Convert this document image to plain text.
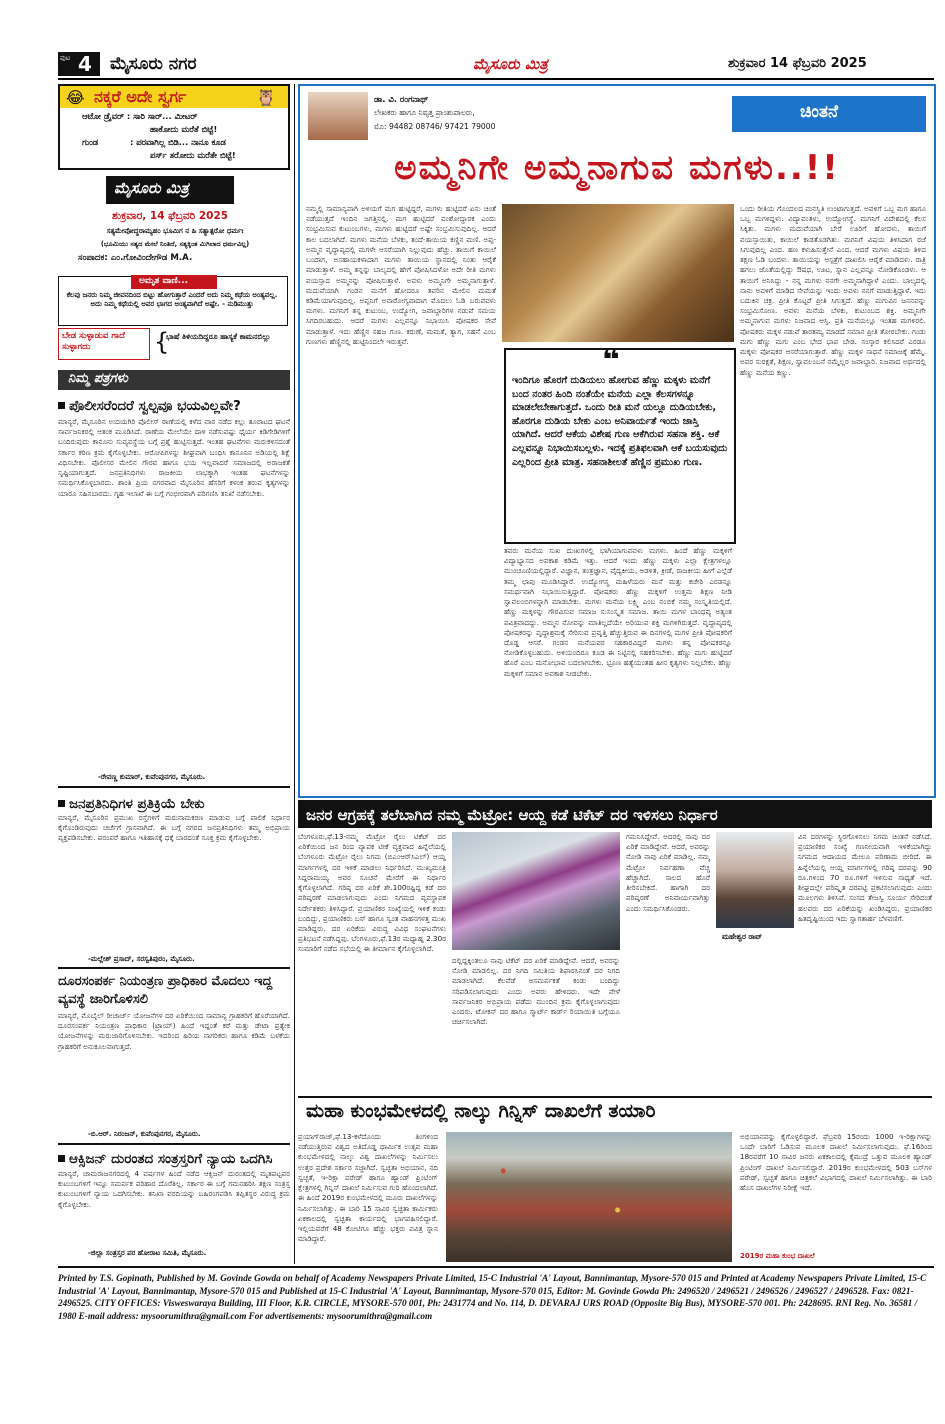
ಪುಟ 4 ಮೈಸೂರು ನಗರ	ಮೈಸೂರು ಮಿತ್ರ	ಶುಕ್ರವಾರ 14 ಫೆಬ್ರವರಿ 2025
😂 ನಕ್ಕರೆ ಅದೇ ಸ್ವರ್ಗ	🦉
ಆಟೋ ಡ್ರೈವರ್ : ಸಾರಿ ಸಾರ್... ಮೀಟರ್
ಹಾಕೋದು ಮರೆತೆ ಬಿಟ್ಟೆ!
ಗುಂಡ	: ಪರವಾಗಿಲ್ಲ ಬಿಡಿ... ನಾನೂ ಕೂಡ
ಪರ್ಸ್ ತರೋದು ಮರೆತೇ ಬಿಟ್ಟೆ!
ಮೈಸೂರು ಮಿತ್ರ
ಶುಕ್ರವಾರ, 14 ಫೆಬ್ರವರಿ 2025
ಸತ್ಯಮೇವೋದ್ಧರಾಮ್ಯಹಂ ಭೂಮಿಗ ನ ಹಿ ಸತ್ಯಾತ್ಪರೋ ಧರ್ಮಃ
(ಭೂಮಿಯು ಸತ್ಯದ ಮೇಲೆ ನಿಂತಿದೆ, ಸತ್ಯಕ್ಕಿಂತ ಮಿಗಿಲಾದ ಧರ್ಮವಿಲ್ಲ)
ಸಂಪಾದಕ: ಎಂ.ಗೋವಿಂದೇಗೌಡ M.A.
ಅಮೃತ ವಾಣಿ...
ಕೆಲವು ಜನರು ನಿಮ್ಮ ಜೀವನದಿಂದ ಬಿಟ್ಟು ಹೋಗುತ್ತಾರೆ ಎಂದರೆ ಅದು ನಿಮ್ಮ ಕಥೆಯ ಅಂತ್ಯವಲ್ಲ. ಅದು ನಿಮ್ಮ ಕಥೆಯಲ್ಲಿ ಅವರ ಭಾಗದ ಅಂತ್ಯವಾಗಿದೆ ಅಷ್ಟೇ. - ನುಡಿಮುತ್ತು
ಬೇಡ ಸುಳ್ಳಾಡುವ ಗಾದೆ ಸುಳ್ಳಾಗದು	{
ಭಾಷೆ ತಿಳಿಯದಿದ್ದರೂ ಹಾಸ್ಯಕೆ ಕಾಮನಬಿಲ್ಲು
ನಿಮ್ಮ ಪತ್ರಗಳು
ಪೊಲೀಸರೆಂದರೆ ಸ್ವಲ್ಪವೂ ಭಯವಿಲ್ಲವೇ?
ಮಾನ್ಯರೆ, ಮೈಸೂರಿನ ಉದಯಗಿರಿ ಪೊಲೀಸ್ ಠಾಣೆಯಲ್ಲಿ ಕಳೆದ ವಾರ ನಡೆದ ಕಲ್ಲು ತೂರಾಟದ ಘಟನೆ ಸಾರ್ವಜನಿಕರಲ್ಲಿ ಆತಂಕ ಮೂಡಿಸಿದೆ. ಠಾಣೆಯ ಮೇಲೆಯೇ ದಾಳಿ ನಡೆಸುವಷ್ಟು ಧೈರ್ಯ ಕಿಡಿಗೇಡಿಗಳಿಗೆ ಬಂದಿರುವುದು ಕಾನೂನು ಸುವ್ಯವಸ್ಥೆಯ ಬಗ್ಗೆ ಪ್ರಶ್ನೆ ಹುಟ್ಟಿಸುತ್ತದೆ. ಇಂತಹ ಘಟನೆಗಳು ಮರುಕಳಿಸದಂತೆ ಸರ್ಕಾರ ಕಠಿಣ ಕ್ರಮ ಕೈಗೊಳ್ಳಬೇಕು. ಆರೋಪಿಗಳನ್ನು ಶೀಘ್ರವಾಗಿ ಬಂಧಿಸಿ ಕಾನೂನಿನ ಅಡಿಯಲ್ಲಿ ಶಿಕ್ಷೆ ವಿಧಿಸಬೇಕು. ಪೊಲೀಸರ ಮೇಲಿನ ಗೌರವ ಹಾಗೂ ಭಯ ಇಲ್ಲವಾದರೆ ಸಮಾಜದಲ್ಲಿ ಅರಾಜಕತೆ ಸೃಷ್ಟಿಯಾಗುತ್ತದೆ. ಜನಪ್ರತಿನಿಧಿಗಳು ರಾಜಕೀಯ ಲಾಭಕ್ಕಾಗಿ ಇಂತಹ ಘಟನೆಗಳನ್ನು ಸಮರ್ಥಿಸಿಕೊಳ್ಳಬಾರದು. ಶಾಂತಿ ಪ್ರಿಯ ನಗರವಾದ ಮೈಸೂರಿನ ಹೆಸರಿಗೆ ಕಳಂಕ ತರುವ ಕೃತ್ಯಗಳನ್ನು ಯಾರೂ ಸಹಿಸಬಾರದು. ಗೃಹ ಇಲಾಖೆ ಈ ಬಗ್ಗೆ ಗಂಭೀರವಾಗಿ ಪರಿಗಣಿಸಿ ತನಿಖೆ ನಡೆಸಬೇಕು.
-ರೇವಣ್ಣ ಕುಮಾರ್, ಕುವೆಂಪುನಗರ, ಮೈಸೂರು.
ಜನಪ್ರತಿನಿಧಿಗಳ ಪ್ರತಿಕ್ರಿಯೆ ಬೇಕು
ಮಾನ್ಯರೆ, ಮೈಸೂರಿನ ಪ್ರಮುಖ ರಸ್ತೆಗಳಿಗೆ ಮರುನಾಮಕರಣ ಮಾಡುವ ಬಗ್ಗೆ ಪಾಲಿಕೆ ನಿರ್ಧಾರ ಕೈಗೊಂಡಿರುವುದು ಚರ್ಚೆಗೆ ಗ್ರಾಸವಾಗಿದೆ. ಈ ಬಗ್ಗೆ ನಗರದ ಜನಪ್ರತಿನಿಧಿಗಳು ತಮ್ಮ ಅಭಿಪ್ರಾಯ ವ್ಯಕ್ತಪಡಿಸಬೇಕು. ಪರಂಪರೆ ಹಾಗೂ ಇತಿಹಾಸಕ್ಕೆ ಧಕ್ಕೆ ಬಾರದಂತೆ ಸೂಕ್ತ ಕ್ರಮ ಕೈಗೊಳ್ಳಬೇಕು.
-ಮಲ್ಲೇಶ್ ಪ್ರಸಾದ್, ಸರಸ್ವತಿಪುರಂ, ಮೈಸೂರು.
ದೂರಸಂಪರ್ಕ ನಿಯಂತ್ರಣ ಪ್ರಾಧಿಕಾರ ಮೊದಲು ಇದ್ದ ವ್ಯವಸ್ಥೆ ಜಾರಿಗೊಳಿಸಲಿ
ಮಾನ್ಯರೆ, ಮೊಬೈಲ್ ರೀಚಾರ್ಜ್ ಯೋಜನೆಗಳ ದರ ಏರಿಕೆಯಿಂದ ಸಾಮಾನ್ಯ ಗ್ರಾಹಕರಿಗೆ ಹೊರೆಯಾಗಿದೆ. ದೂರಸಂಪರ್ಕ ನಿಯಂತ್ರಣ ಪ್ರಾಧಿಕಾರ (ಟ್ರಾಯ್) ಹಿಂದೆ ಇದ್ದಂತೆ ಕರೆ ಮತ್ತು ಡೇಟಾ ಪ್ರತ್ಯೇಕ ಯೋಜನೆಗಳನ್ನು ಮರುಜಾರಿಗೊಳಿಸಬೇಕು. ಇದರಿಂದ ಹಿರಿಯ ನಾಗರಿಕರು ಹಾಗೂ ಕಡಿಮೆ ಬಳಕೆಯ ಗ್ರಾಹಕರಿಗೆ ಅನುಕೂಲವಾಗುತ್ತದೆ.
-ಬಿ.ಆರ್. ನಿರಂಜನ್, ಕುವೆಂಪುನಗರ, ಮೈಸೂರು.
ಆಕ್ಸಿಜನ್ ದುರಂತದ ಸಂತ್ರಸ್ತರಿಗೆ ನ್ಯಾಯ ಒದಗಿಸಿ
ಮಾನ್ಯರೆ, ಚಾಮರಾಜನಗರದಲ್ಲಿ 4 ವರ್ಷಗಳ ಹಿಂದೆ ನಡೆದ ಆಕ್ಸಿಜನ್ ದುರಂತದಲ್ಲಿ ಮೃತಪಟ್ಟವರ ಕುಟುಂಬಗಳಿಗೆ ಇನ್ನೂ ಸಮರ್ಪಕ ಪರಿಹಾರ ದೊರೆತಿಲ್ಲ. ಸರ್ಕಾರ ಈ ಬಗ್ಗೆ ಗಮನಹರಿಸಿ ತಕ್ಷಣ ಸಂತ್ರಸ್ತ ಕುಟುಂಬಗಳಿಗೆ ನ್ಯಾಯ ಒದಗಿಸಬೇಕು. ತನಿಖಾ ವರದಿಯನ್ನು ಬಹಿರಂಗಪಡಿಸಿ ತಪ್ಪಿತಸ್ಥರ ವಿರುದ್ಧ ಕ್ರಮ ಕೈಗೊಳ್ಳಬೇಕು.
-ಜಿಲ್ಲಾ ಸಂತ್ರಸ್ತರ ಪರ ಹೋರಾಟ ಸಮಿತಿ, ಮೈಸೂರು.
ಡಾ. ವಿ. ರಂಗನಾಥ್
ಲೇಖಕರು ಹಾಗೂ ನಿವೃತ್ತ ಪ್ರಾಂಶುಪಾಲರು,
ಮೊ: 94482 08746/ 97421 79000
ಚಿಂತನೆ
ಅಮ್ಮನಿಗೇ ಅಮ್ಮನಾಗುವ ಮಗಳು..!!
ನಮ್ಮಲ್ಲಿ ಸಾಮಾನ್ಯವಾಗಿ ಅಳಿಯಗೆ ಮಗ ಹುಟ್ಟಿದ್ದರೆ, ಮಗಳು ಹುಟ್ಟಿದರೆ ಏನು ಚಿಂತೆ ನಡೆಯುತ್ತದೆ ಇಂದಿನ ಜಗತ್ತಿನಲ್ಲಿ. ಮಗ ಹುಟ್ಟಿದರೆ ವಂಶೋದ್ಧಾರಕ ಎಂದು ಸಂಭ್ರಮಿಸುವ ಕುಟುಂಬಗಳು, ಮಗಳು ಹುಟ್ಟಿದರೆ ಅಷ್ಟೇ ಸಂಭ್ರಮಿಸುವುದಿಲ್ಲ. ಆದರೆ ಕಾಲ ಬದಲಾಗಿದೆ. ಮಗಳು ಮನೆಯ ಬೆಳಕು, ತಂದೆ-ತಾಯಿಯ ಕಣ್ಣಿನ ಮಣಿ. ಅಪ್ಪ-ಅಮ್ಮನ ವೃದ್ಧಾಪ್ಯದಲ್ಲಿ ಮಗಳೇ ಆಸರೆಯಾಗಿ ನಿಲ್ಲುವುದು ಹೆಚ್ಚು. ತಾಯಿಗೆ ಕಾಯಿಲೆ ಬಂದಾಗ, ಅಸಹಾಯಕಳಾದಾಗ ಮಗಳು ತಾಯಿಯ ಸ್ಥಾನದಲ್ಲಿ ನಿಂತು ಆರೈಕೆ ಮಾಡುತ್ತಾಳೆ. ಅಮ್ಮ ತನ್ನನ್ನು ಬಾಲ್ಯದಲ್ಲಿ ಹೇಗೆ ಪೋಷಿಸಿದಳೋ ಅದೇ ರೀತಿ ಮಗಳು ವಯಸ್ಸಾದ ಅಮ್ಮನನ್ನು ಪೋಷಿಸುತ್ತಾಳೆ. ಅವಳು ಅಮ್ಮನಿಗೇ ಅಮ್ಮನಾಗುತ್ತಾಳೆ. ಮದುವೆಯಾಗಿ ಗಂಡನ ಮನೆಗೆ ಹೋದರೂ ತವರಿನ ಮೇಲಿನ ಮಮತೆ ಕಡಿಮೆಯಾಗುವುದಿಲ್ಲ. ಅಪ್ಪನಿಗೆ ಅನಾರೋಗ್ಯವಾದಾಗ ಮೊದಲು ಓಡಿ ಬರುವವಳು ಮಗಳು. ಮಗನಿಗೆ ತನ್ನ ಕುಟುಂಬ, ಉದ್ಯೋಗ, ಜವಾಬ್ದಾರಿಗಳ ನಡುವೆ ಸಮಯ ಸಿಗದಿರಬಹುದು. ಆದರೆ ಮಗಳು ಎಲ್ಲವನ್ನೂ ನಿಭಾಯಿಸಿ ಪೋಷಕರ ಸೇವೆ ಮಾಡುತ್ತಾಳೆ. ಇದು ಹೆಣ್ಣಿನ ಸಹಜ ಗುಣ. ಕರುಣೆ, ಮಮತೆ, ತ್ಯಾಗ, ಸಹನೆ ಎಂಬ ಗುಣಗಳು ಹೆಣ್ಣಿನಲ್ಲಿ ಹುಟ್ಟಿನಿಂದಲೇ ಇರುತ್ತವೆ.
❝
ಇಂದಿಗೂ ಹೊರಗೆ ದುಡಿಯಲು ಹೋಗುವ ಹೆಣ್ಣು ಮಕ್ಕಳು ಮನೆಗೆ ಬಂದ ನಂತರ ಹಿಂದಿ ನಂತೆಯೇ ಮನೆಯ ಎಲ್ಲಾ ಕೆಲಸಗಳನ್ನೂ ಮಾಡಲೇಬೇಕಾಗುತ್ತದೆ. ಒಂದು ರೀತಿ ಮನೆ ಯಲ್ಲೂ ದುಡಿಯಬೇಕು, ಹೊರಗೂ ದುಡಿಯ ಬೇಕು ಎಂಬ ಅನಿವಾರ್ಯತೆ ಇಂದು ಜಾಸ್ತಿ ಯಾಗಿದೆ. ಆದರೆ ಆಕೆಯ ವಿಶೇಷ ಗುಣ ಆಕೆಗಿರುವ ಸಹನಾ ಶಕ್ತಿ. ಆಕೆ ಎಲ್ಲವನ್ನೂ ನಿಭಾಯಿಸಬಲ್ಲಳು. ಇದಕ್ಕೆ ಪ್ರತಿಫಲವಾಗಿ ಆಕೆ ಬಯಸುವುದು ಎಲ್ಲರಿಂದ ಪ್ರೀತಿ ಮಾತ್ರ. ಸಹನಾಶೀಲತೆ ಹೆಣ್ಣಿನ ಪ್ರಮುಖ ಗುಣ.
ತವರು ಮನೆಯ ಸುಖ ದುಃಖಗಳಲ್ಲಿ ಭಾಗಿಯಾಗುವವಳು ಮಗಳು. ಹಿಂದೆ ಹೆಣ್ಣು ಮಕ್ಕಳಿಗೆ ವಿದ್ಯಾಭ್ಯಾಸದ ಅವಕಾಶ ಕಡಿಮೆ ಇತ್ತು. ಆದರೆ ಇಂದು ಹೆಣ್ಣು ಮಕ್ಕಳು ಎಲ್ಲಾ ಕ್ಷೇತ್ರಗಳಲ್ಲೂ ಮುಂಚೂಣಿಯಲ್ಲಿದ್ದಾರೆ. ವಿಜ್ಞಾನ, ತಂತ್ರಜ್ಞಾನ, ವೈದ್ಯಕೀಯ, ಆಡಳಿತ, ಕ್ರೀಡೆ, ರಾಜಕೀಯ ಹೀಗೆ ಎಲ್ಲೆಡೆ ತಮ್ಮ ಛಾಪು ಮೂಡಿಸಿದ್ದಾರೆ. ಉದ್ಯೋಗಸ್ಥ ಮಹಿಳೆಯರು ಮನೆ ಮತ್ತು ಕಚೇರಿ ಎರಡನ್ನೂ ಸಮರ್ಥವಾಗಿ ನಿಭಾಯಿಸುತ್ತಿದ್ದಾರೆ. ಪೋಷಕರು ಹೆಣ್ಣು ಮಕ್ಕಳಿಗೆ ಉತ್ತಮ ಶಿಕ್ಷಣ ನೀಡಿ ಸ್ವಾವಲಂಬಿಗಳನ್ನಾಗಿ ಮಾಡಬೇಕು. ಮಗಳು ಮನೆಯ ಲಕ್ಷ್ಮಿ ಎಂಬ ನಂಬಿಕೆ ನಮ್ಮ ಸಂಸ್ಕೃತಿಯಲ್ಲಿದೆ. ಹೆಣ್ಣು ಮಕ್ಕಳನ್ನು ಗೌರವಿಸುವ ಸಮಾಜ ಸುಸಂಸ್ಕೃತ ಸಮಾಜ. ತಾಯಿ ಮಗಳ ಬಾಂಧವ್ಯ ಅತ್ಯಂತ ಪವಿತ್ರವಾದದ್ದು. ಅಮ್ಮನ ನೋವನ್ನು ಮಾತಿಲ್ಲದೆಯೇ ಅರಿಯುವ ಶಕ್ತಿ ಮಗಳಿಗಿರುತ್ತದೆ. ವೃದ್ಧಾಪ್ಯದಲ್ಲಿ ಪೋಷಕರನ್ನು ವೃದ್ಧಾಶ್ರಮಕ್ಕೆ ಸೇರಿಸುವ ಪ್ರವೃತ್ತಿ ಹೆಚ್ಚುತ್ತಿರುವ ಈ ದಿನಗಳಲ್ಲಿ ಮಗಳ ಪ್ರೀತಿ ಪೋಷಕರಿಗೆ ದೊಡ್ಡ ಆಸರೆ. ಗಂಡನ ಮನೆಯವರ ಸಹಕಾರವಿದ್ದರೆ ಮಗಳು ತನ್ನ ಪೋಷಕರನ್ನೂ ನೋಡಿಕೊಳ್ಳಬಹುದು. ಅಳಿಯಂದಿರೂ ಕೂಡ ಈ ನಿಟ್ಟಿನಲ್ಲಿ ಸಹಕರಿಸಬೇಕು. ಹೆಣ್ಣು ಮಗು ಹುಟ್ಟಿದರೆ ಹೊರೆ ಎಂಬ ಮನೋಭಾವ ಬದಲಾಗಬೇಕು. ಭ್ರೂಣ ಹತ್ಯೆಯಂತಹ ಹೀನ ಕೃತ್ಯಗಳು ನಿಲ್ಲಬೇಕು. ಹೆಣ್ಣು ಮಕ್ಕಳಿಗೆ ಸಮಾನ ಅವಕಾಶ ನೀಡಬೇಕು.
ಒಂದು ರೀತಿಯ ಗೊಂದಲದ ಮನಸ್ಥಿತಿ ಉಂಟಾಗುತ್ತದೆ. ಅವಳಿಗೆ ಒಬ್ಬ ಮಗ ಹಾಗೂ ಒಬ್ಬ ಮಗಳಿದ್ದಳು. ವಿದ್ಯಾವಂತಳು, ಉದ್ಯೋಗಸ್ಥೆ. ಮಗನಿಗೆ ವಿದೇಶದಲ್ಲಿ ಕೆಲಸ ಸಿಕ್ಕಿತು. ಮಗಳು ಮದುವೆಯಾಗಿ ಬೇರೆ ಊರಿಗೆ ಹೋದಳು. ತಾಯಿಗೆ ವಯಸ್ಸಾಯಿತು, ಕಾಯಿಲೆ ಕಾಡತೊಡಗಿತು. ಮಗನಿಗೆ ವಿಷಯ ತಿಳಿಸಿದಾಗ ರಜೆ ಸಿಗುವುದಿಲ್ಲ ಎಂದ. ಹಣ ಕಳುಹಿಸುತ್ತೇನೆ ಎಂದ. ಆದರೆ ಮಗಳು ವಿಷಯ ತಿಳಿದ ತಕ್ಷಣ ಓಡಿ ಬಂದಳು. ತಾಯಿಯನ್ನು ಆಸ್ಪತ್ರೆಗೆ ದಾಖಲಿಸಿ ಆರೈಕೆ ಮಾಡಿದಳು. ರಾತ್ರಿ ಹಗಲು ಜೊತೆಯಲ್ಲಿದ್ದು ಔಷಧ, ಊಟ, ಸ್ನಾನ ಎಲ್ಲವನ್ನೂ ನೋಡಿಕೊಂಡಳು. ಆ ತಾಯಿಗೆ ಅನಿಸಿದ್ದು - ನನ್ನ ಮಗಳು ನನಗೇ ಅಮ್ಮನಾಗಿದ್ದಾಳೆ ಎಂದು. ಬಾಲ್ಯದಲ್ಲಿ ನಾನು ಅವಳಿಗೆ ಮಾಡಿದ ಸೇವೆಯನ್ನು ಇಂದು ಅವಳು ನನಗೆ ಮಾಡುತ್ತಿದ್ದಾಳೆ. ಇದು ಬದುಕಿನ ಚಕ್ರ. ಪ್ರೀತಿ ಕೊಟ್ಟರೆ ಪ್ರೀತಿ ಸಿಗುತ್ತದೆ. ಹೆಣ್ಣು ಮಗುವಿನ ಜನನವನ್ನು ಸಂಭ್ರಮಿಸೋಣ. ಅವಳು ಮನೆಯ ಬೆಳಕು, ಕುಟುಂಬದ ಶಕ್ತಿ. ಅಮ್ಮನಿಗೇ ಅಮ್ಮನಾಗುವ ಮಗಳು ನಿಜವಾದ ಆಸ್ತಿ. ಪ್ರತಿ ಮನೆಯಲ್ಲೂ ಇಂತಹ ಮಗಳಿರಲಿ. ಪೋಷಕರು ಮಕ್ಕಳ ನಡುವೆ ತಾರತಮ್ಯ ಮಾಡದೆ ಸಮಾನ ಪ್ರೀತಿ ತೋರಬೇಕು. ಗಂಡು ಮಗು ಹೆಣ್ಣು ಮಗು ಎಂಬ ಭೇದ ಭಾವ ಬೇಡ. ಸಂಸ್ಕಾರ ಕಲಿಸಿದರೆ ಎರಡೂ ಮಕ್ಕಳು ಪೋಷಕರ ಆಸರೆಯಾಗುತ್ತಾರೆ. ಹೆಣ್ಣು ಮಕ್ಕಳ ಸಾಧನೆ ಸಮಾಜಕ್ಕೆ ಹೆಮ್ಮೆ. ಅವರ ಸುರಕ್ಷತೆ, ಶಿಕ್ಷಣ, ಸ್ವಾವಲಂಬನೆ ನಮ್ಮೆಲ್ಲರ ಜವಾಬ್ದಾರಿ. ನಿಜವಾದ ಅರ್ಥದಲ್ಲಿ ಹೆಣ್ಣು ಮನೆಯ ಕಣ್ಣು.
ಜನರ ಆಗ್ರಹಕ್ಕೆ ತಲೆಬಾಗಿದ ನಮ್ಮ ಮೆಟ್ರೋ: ಆಯ್ದ ಕಡೆ ಟಿಕೆಟ್ ದರ ಇಳಿಸಲು ನಿರ್ಧಾರ
ಬೆಂಗಳೂರು,ಫೆ.13-ನಮ್ಮ ಮೆಟ್ರೋ ರೈಲು ಟಿಕೆಟ್ ದರ ಏರಿಕೆಯಿಂದ ಜನ ರಿಂದ ವ್ಯಾಪಕ ಟೀಕೆ ವ್ಯಕ್ತವಾದ ಹಿನ್ನೆಲೆಯಲ್ಲಿ ಬೆಂಗಳೂರು ಮೆಟ್ರೋ ರೈಲು ನಿಗಮ (ಬಿಎಂಆರ್‌ಸಿಎಲ್) ಆಯ್ದ ಮಾರ್ಗಗಳಲ್ಲಿ ದರ ಇಳಿಕೆ ಮಾಡಲು ನಿರ್ಧರಿಸಿದೆ. ಮುಖ್ಯಮಂತ್ರಿ ಸಿದ್ದರಾಮಯ್ಯ ಅವರ ಸೂಚನೆ ಮೇರೆಗೆ ಈ ನಿರ್ಧಾರ ಕೈಗೊಳ್ಳಲಾಗಿದೆ. ಗರಿಷ್ಠ ದರ ಏರಿಕೆ ಶೇ.100ರಷ್ಟಿದ್ದ ಕಡೆ ದರ ಪರಿಷ್ಕರಣೆ ಮಾಡಲಾಗುವುದು ಎಂದು ನಿಗಮದ ವ್ಯವಸ್ಥಾಪಕ ನಿರ್ದೇಶಕರು ತಿಳಿಸಿದ್ದಾರೆ. ಪ್ರಯಾಣಿಕರ ಸಂಖ್ಯೆಯಲ್ಲಿ ಇಳಿಕೆ ಕಂಡು ಬಂದಿದ್ದು, ಪ್ರಯಾಣಿಕರು ಬಸ್ ಹಾಗೂ ಸ್ವಂತ ವಾಹನಗಳತ್ತ ಮುಖ ಮಾಡಿದ್ದರು. ದರ ಏರಿಕೆಯ ವಿರುದ್ಧ ವಿವಿಧ ಸಂಘಟನೆಗಳು ಪ್ರತಿಭಟನೆ ನಡೆಸಿದ್ದವು. ಬೆಂಗಳೂರು,ಫೆ.13ರ ಮಧ್ಯಾಹ್ನ 2.30ರ ಸುಮಾರಿಗೆ ನಡೆದ ಸಭೆಯಲ್ಲಿ ಈ ತೀರ್ಮಾನ ಕೈಗೊಳ್ಳಲಾಗಿದೆ.
ದಲ್ಲಿದ್ದಕ್ಕಿಂತಲೂ ನಾವು ಟಿಕೆಟ್ ದರ ಏರಿಕೆ ಮಾಡಿದ್ದೇವೆ. ಆದರೆ, ಅವರನ್ನು ನೋಡಿ ಮಾಡಲಿಲ್ಲ. ದರ ನಿಗದಿ ಸಮಿತಿಯ ಶಿಫಾರಸಿನಂತೆ ದರ ನಿಗದಿ ಮಾಡಲಾಗಿದೆ. ಕೆಲವೆಡೆ ಅಸಮರ್ಪಕತೆ ಕಂಡು ಬಂದಿದ್ದು ಸರಿಪಡಿಸಲಾಗುವುದು ಎಂದು ಅವರು ಹೇಳಿದರು. ಇದೇ ವೇಳೆ ಸಾರ್ವಜನಿಕರ ಅಭಿಪ್ರಾಯ ಪಡೆದು ಮುಂದಿನ ಕ್ರಮ ಕೈಗೊಳ್ಳಲಾಗುವುದು ಎಂದರು. ಟೋಕನ್ ದರ ಹಾಗೂ ಸ್ಮಾರ್ಟ್ ಕಾರ್ಡ್ ರಿಯಾಯಿತಿ ಬಗ್ಗೆಯೂ ಚರ್ಚಿಸಲಾಗಿದೆ.
ಗಮನಿಸಿದ್ದೇವೆ. ಅದರಲ್ಲಿ ನಾವು ದರ ಏರಿಕೆ ಮಾಡಿದ್ದೇವೆ. ಆದರೆ, ಅವರನ್ನು ನೋಡಿ ನಾವು ಏರಿಕೆ ಮಾಡಿಲ್ಲ. ನಮ್ಮ ಮೆಟ್ರೋ ನಿರ್ವಹಣಾ ವೆಚ್ಚ ಹೆಚ್ಚಾಗಿದೆ. ಸಾಲದ ಹೊರೆ ತೀರಿಸಬೇಕಿದೆ. ಹಾಗಾಗಿ ದರ ಪರಿಷ್ಕರಣೆ ಅನಿವಾರ್ಯವಾಗಿತ್ತು ಎಂದು ಸಮರ್ಥಿಸಿಕೊಂಡರು.
ಮಹೇಶ್ವರ ರಾವ್
ವಿನ ದರಗಳನ್ನು ಸ್ಥಿರಗೊಳಿಸಲು ನಿಗಮ ಚಿಂತನೆ ನಡೆಸಿದೆ. ಪ್ರಯಾಣಿಕರ ಸಂಖ್ಯೆ ಗಣನೀಯವಾಗಿ ಇಳಿಕೆಯಾಗಿದ್ದು ನಿಗಮದ ಆದಾಯದ ಮೇಲೂ ಪರಿಣಾಮ ಬೀರಿದೆ. ಈ ಹಿನ್ನೆಲೆಯಲ್ಲಿ ಆಯ್ದ ಮಾರ್ಗಗಳಲ್ಲಿ ಗರಿಷ್ಠ ದರವನ್ನು 90 ರೂ.ಗಳಿಂದ 70 ರೂ.ಗಳಿಗೆ ಇಳಿಸುವ ಸಾಧ್ಯತೆ ಇದೆ. ಶೀಘ್ರದಲ್ಲೇ ಪರಿಷ್ಕೃತ ದರಪಟ್ಟಿ ಪ್ರಕಟಿಸಲಾಗುವುದು ಎಂದು ಮೂಲಗಳು ತಿಳಿಸಿವೆ. ಸಂಸದ ತೇಜಸ್ವಿ ಸೂರ್ಯ ಸೇರಿದಂತೆ ಹಲವರು ದರ ಏರಿಕೆಯನ್ನು ಖಂಡಿಸಿದ್ದರು. ಪ್ರಯಾಣಿಕರ ಹಿತದೃಷ್ಟಿಯಿಂದ ಇದು ಸ್ವಾಗತಾರ್ಹ ಬೆಳವಣಿಗೆ.
ಮಹಾ ಕುಂಭಮೇಳದಲ್ಲಿ ನಾಲ್ಕು ಗಿನ್ನಿಸ್ ದಾಖಲೆಗೆ ತಯಾರಿ
ಪ್ರಯಾಗ್‌ರಾಜ್,ಫೆ.13-ಕಳೆದೊಂದು ತಿಂಗಳಿಂದ ನಡೆಯುತ್ತಿರುವ ವಿಶ್ವದ ಅತಿದೊಡ್ಡ ಧಾರ್ಮಿಕ ಉತ್ಸವ ಮಹಾ ಕುಂಭಮೇಳದಲ್ಲಿ ನಾಲ್ಕು ವಿಶ್ವ ದಾಖಲೆಗಳನ್ನು ನಿರ್ಮಿಸಲು ಉತ್ತರ ಪ್ರದೇಶ ಸರ್ಕಾರ ಸಜ್ಜಾಗಿದೆ. ಸ್ವಚ್ಛತಾ ಅಭಿಯಾನ, ನದಿ ಸ್ವಚ್ಛತೆ, ಇ-ರಿಕ್ಷಾ ಪರೇಡ್ ಹಾಗೂ ಹ್ಯಾಂಡ್ ಪ್ರಿಂಟಿಂಗ್ ಕ್ಷೇತ್ರಗಳಲ್ಲಿ ಗಿನ್ನಿಸ್ ದಾಖಲೆ ನಿರ್ಮಿಸುವ ಗುರಿ ಹೊಂದಲಾಗಿದೆ. ಈ ಹಿಂದೆ 2019ರ ಕುಂಭಮೇಳದಲ್ಲಿ ಮೂರು ದಾಖಲೆಗಳನ್ನು ನಿರ್ಮಿಸಲಾಗಿತ್ತು. ಈ ಬಾರಿ 15 ಸಾವಿರ ಸ್ವಚ್ಛತಾ ಕಾರ್ಮಿಕರು ಏಕಕಾಲದಲ್ಲಿ ಸ್ವಚ್ಛತಾ ಕಾರ್ಯದಲ್ಲಿ ಭಾಗವಹಿಸಲಿದ್ದಾರೆ. ಇಲ್ಲಿಯವರೆಗೆ 48 ಕೋಟಿಗೂ ಹೆಚ್ಚು ಭಕ್ತರು ಪವಿತ್ರ ಸ್ನಾನ ಮಾಡಿದ್ದಾರೆ.
2019ರ ಮಹಾ ಕುಂಭ ದಾಖಲೆ
ಅಭಿಯಾನವನ್ನು ಕೈಗೊಳ್ಳಲಿದ್ದಾರೆ. ಫೆಬ್ರವರಿ 15ರಂದು 1000 ಇ-ರಿಕ್ಷಾಗಳನ್ನು ಒಂದೇ ಬಾರಿಗೆ ಓಡಿಸುವ ಮೂಲಕ ದಾಖಲೆ ನಿರ್ಮಿಸಲಾಗುವುದು. ಫೆ.16ರಿಂದ 18ರವರೆಗೆ 10 ಸಾವಿರ ಜನರು ಏಕಕಾಲದಲ್ಲಿ ಕೈಮುದ್ರೆ ಒತ್ತುವ ಮೂಲಕ ಹ್ಯಾಂಡ್ ಪ್ರಿಂಟಿಂಗ್ ದಾಖಲೆ ನಿರ್ಮಿಸಲಿದ್ದಾರೆ. 2019ರ ಕುಂಭಮೇಳದಲ್ಲಿ 503 ಬಸ್‌ಗಳ ಪರೇಡ್, ಸ್ವಚ್ಛತೆ ಹಾಗೂ ಚಿತ್ರಕಲೆ ವಿಭಾಗದಲ್ಲಿ ದಾಖಲೆ ನಿರ್ಮಿಸಲಾಗಿತ್ತು. ಈ ಬಾರಿ ಹೊಸ ದಾಖಲೆಗಳ ನಿರೀಕ್ಷೆ ಇದೆ.
Printed by T.S. Gopinath, Published by M. Govinde Gowda on behalf of Academy Newspapers Private Limited, 15-C Industrial 'A' Layout, Bannimantap, Mysore-570 015 and Printed at Academy Newspapers Private Limited, 15-C Industrial 'A' Layout, Bannimantap, Mysore-570 015 and Published at 15-C Industrial 'A' Layout, Bannimantap, Mysore-570 015, Editor: M. Govinde Gowda Ph: 2496520 / 2496521 / 2496526 / 2496527 / 2496528. Fax: 0821-2496525. CITY OFFICES: Visweswaraya Building, III Floor, K.R. CIRCLE, MYSORE-570 001, Ph: 2431774 and No. 114, D. DEVARAJ URS ROAD (Opposite Big Bus), MYSORE-570 001. Ph: 2428695. RNI Reg. No. 36581 / 1980 E-mail address: mysoorumithra@gmail.com For advertisements: mysoorumithra@gmail.com
